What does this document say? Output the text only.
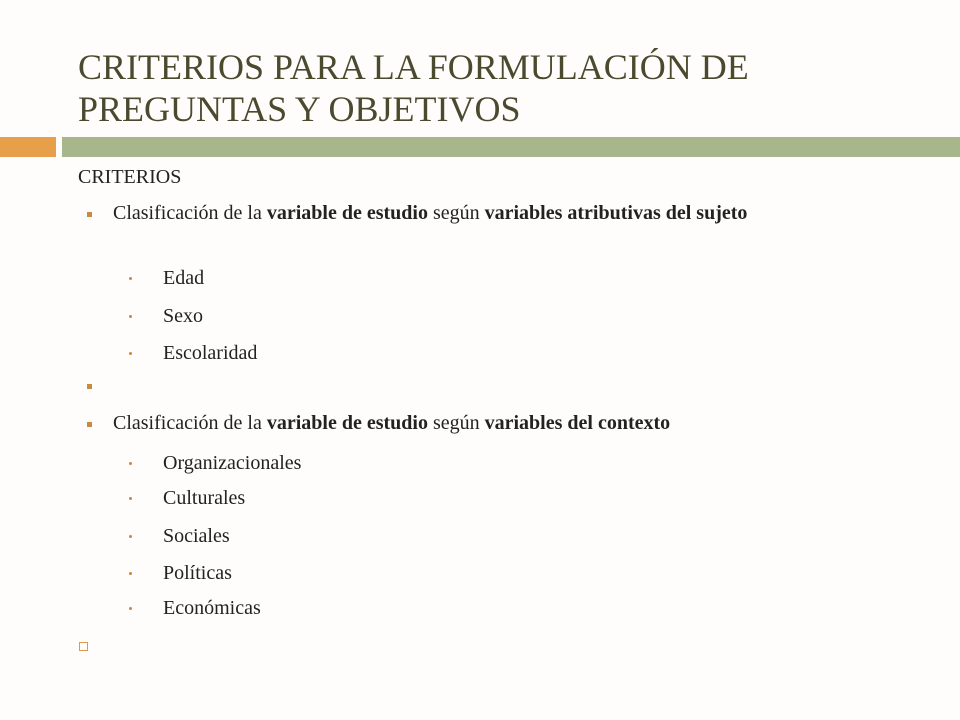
CRITERIOS PARA LA FORMULACIÓN DE PREGUNTAS Y OBJETIVOS
CRITERIOS
Clasificación de la variable de estudio según variables atributivas del sujeto
Edad
Sexo
Escolaridad
Clasificación de la variable de estudio según variables del contexto
Organizacionales
Culturales
Sociales
Políticas
Económicas
